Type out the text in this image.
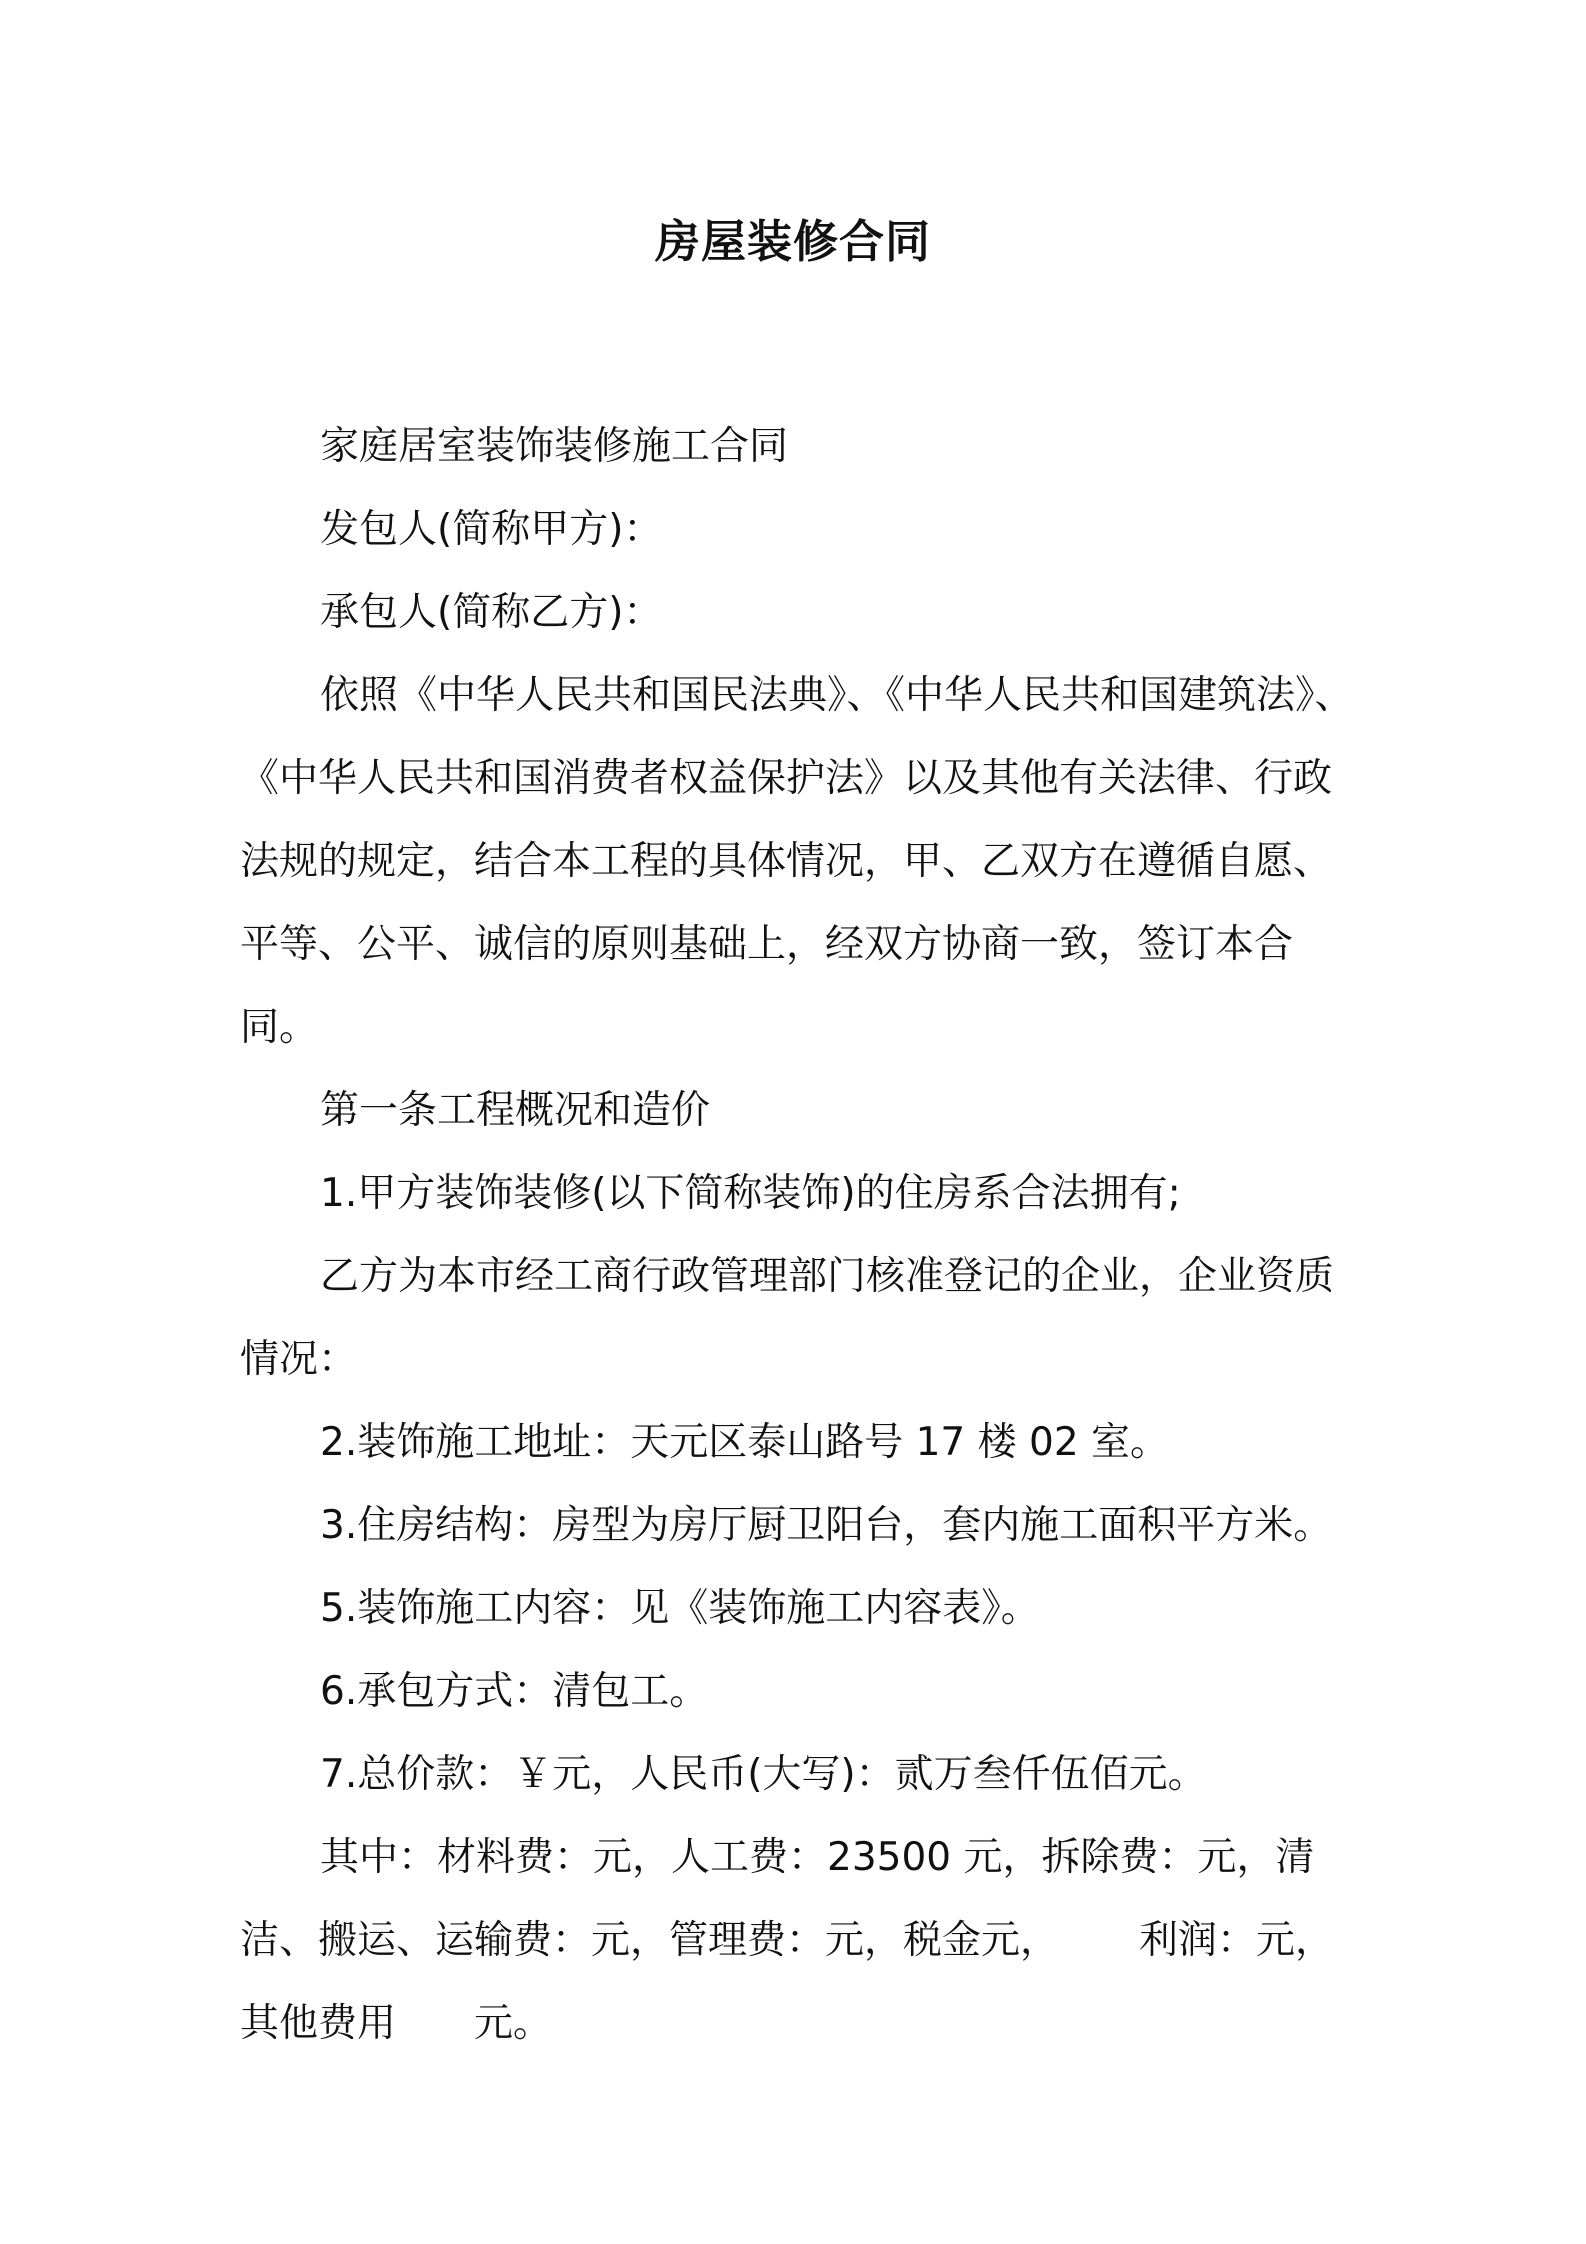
房屋装修合同

家庭居室装饰装修施工合同

发包人(简称甲方)：

承包人(简称乙方)：

依照《中华人民共和国民法典》、《中华人民共和国建筑法》、《中华人民共和国消费者权益保护法》以及其他有关法律、行政法规的规定，结合本工程的具体情况，甲、乙双方在遵循自愿、平等、公平、诚信的原则基础上，经双方协商一致，签订本合同。

第一条工程概况和造价

1.甲方装饰装修(以下简称装饰)的住房系合法拥有;

乙方为本市经工商行政管理部门核准登记的企业，企业资质情况：

2.装饰施工地址：天元区泰山路号 17 楼 02 室。

3.住房结构：房型为房厅厨卫阳台，套内施工面积平方米。

5.装饰施工内容：见《装饰施工内容表》。

6.承包方式：清包工。

7.总价款：￥元，人民币(大写)：贰万叁仟伍佰元。

其中：材料费：元，人工费：23500 元，拆除费：元，清洁、搬运、运输费：元，管理费：元，税金元， 利润：元，其他费用 元。
